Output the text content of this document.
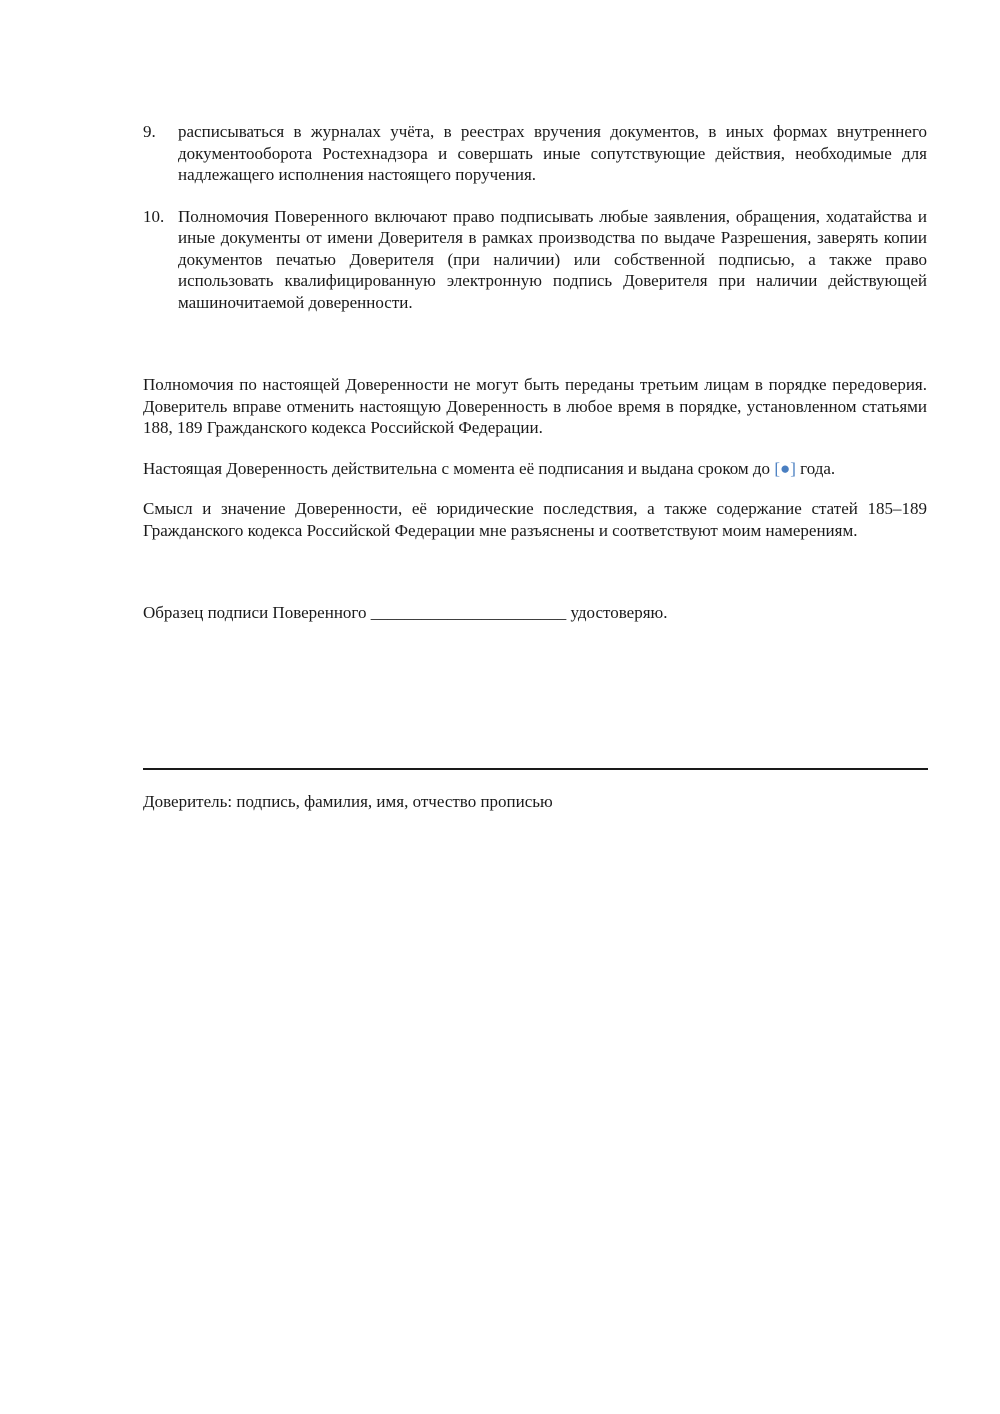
9.	расписываться в журналах учёта, в реестрах вручения документов, в иных формах внутреннего документооборота Ростехнадзора и совершать иные сопутствующие действия, необходимые для надлежащего исполнения настоящего поручения.
10. Полномочия Поверенного включают право подписывать любые заявления, обращения, ходатайства и иные документы от имени Доверителя в рамках производства по выдаче Разрешения, заверять копии документов печатью Доверителя (при наличии) или собственной подписью, а также право использовать квалифицированную электронную подпись Доверителя при наличии действующей машиночитаемой доверенности.
Полномочия по настоящей Доверенности не могут быть переданы третьим лицам в порядке передоверия. Доверитель вправе отменить настоящую Доверенность в любое время в порядке, установленном статьями 188, 189 Гражданского кодекса Российской Федерации.
Настоящая Доверенность действительна с момента её подписания и выдана сроком до [●] года.
Смысл и значение Доверенности, её юридические последствия, а также содержание статей 185–189 Гражданского кодекса Российской Федерации мне разъяснены и соответствуют моим намерениям.
Образец подписи Поверенного _______________________ удостоверяю.
Доверитель: подпись, фамилия, имя, отчество прописью
